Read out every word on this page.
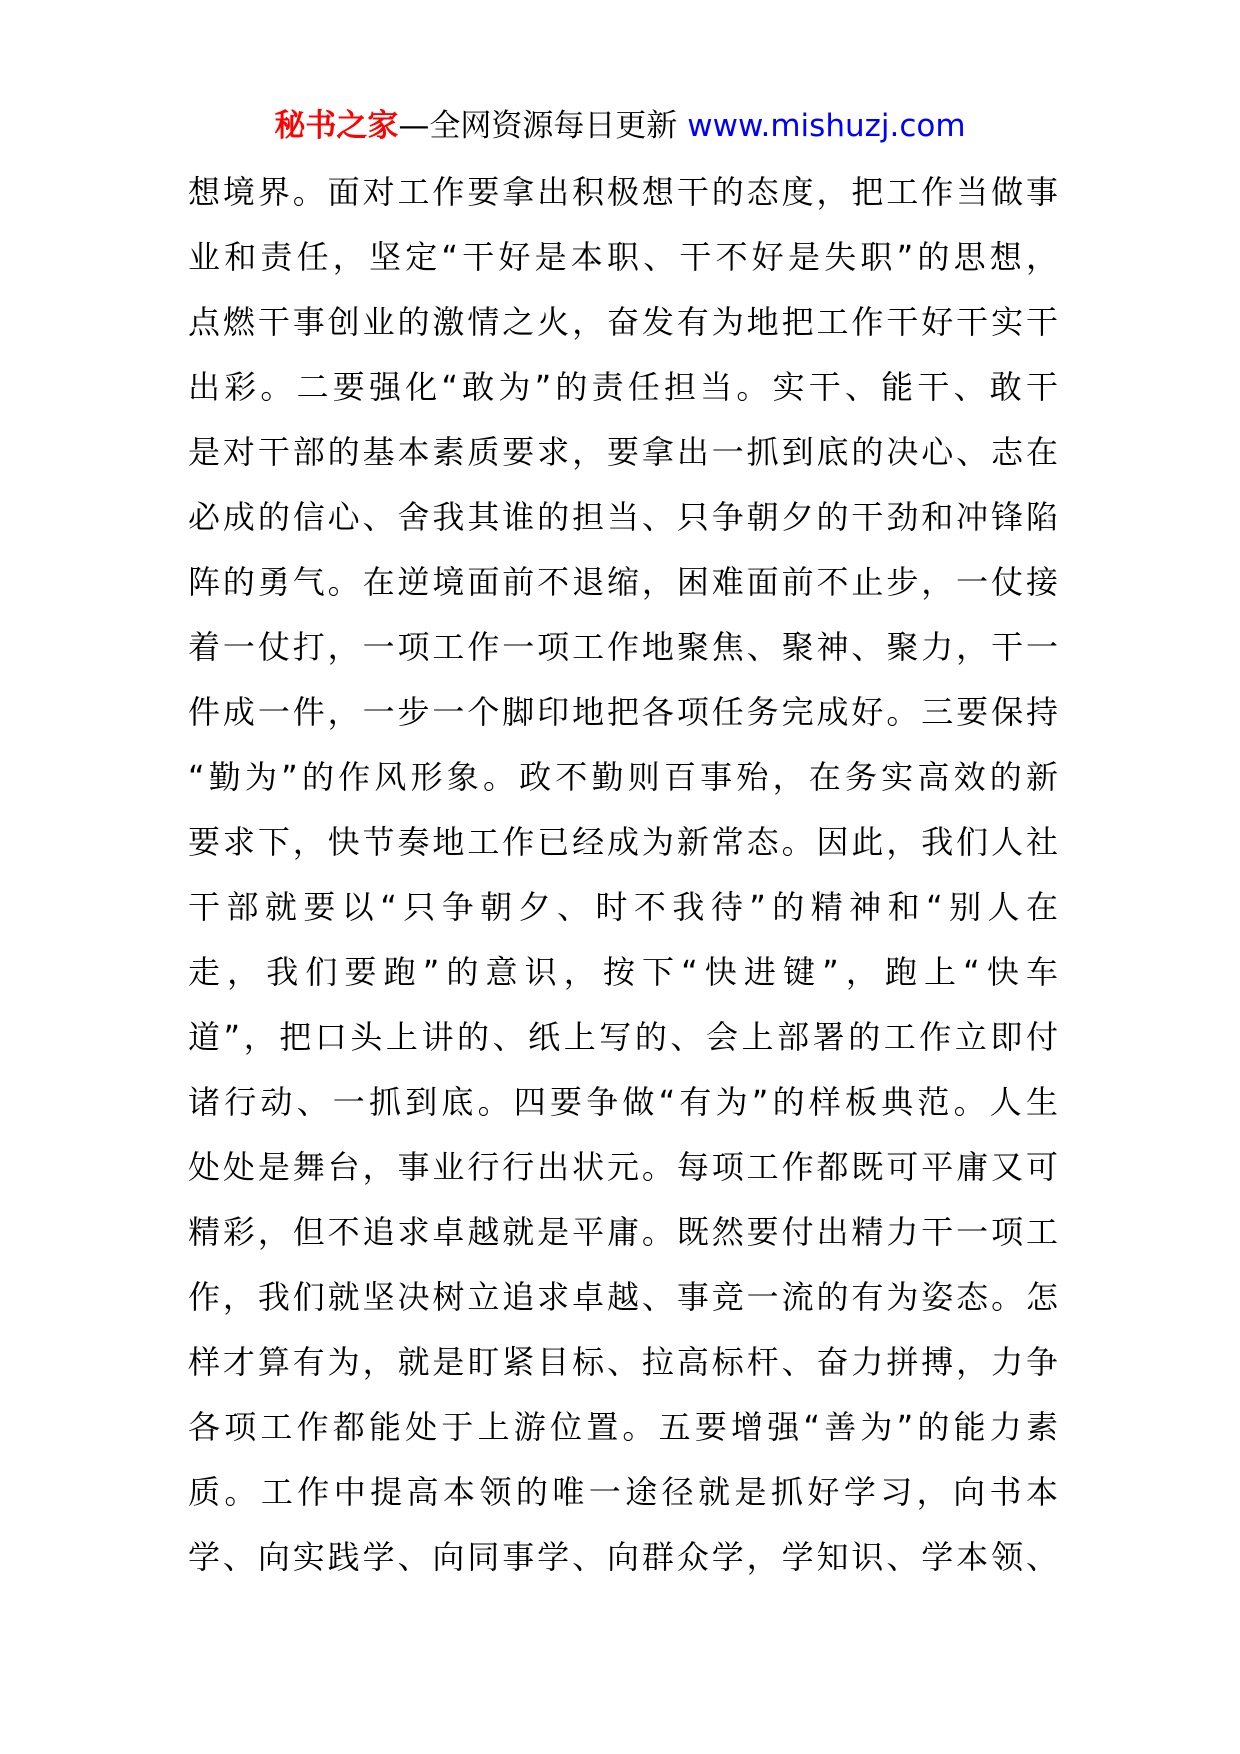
秘书之家—全网资源每日更新 www.mishuzj.com
想境界。面对工作要拿出积极想干的态度，把工作当做事
业和责任，坚定“干好是本职、干不好是失职”的思想，
点燃干事创业的激情之火，奋发有为地把工作干好干实干
出彩。二要强化“敢为”的责任担当。实干、能干、敢干
是对干部的基本素质要求，要拿出一抓到底的决心、志在
必成的信心、舍我其谁的担当、只争朝夕的干劲和冲锋陷
阵的勇气。在逆境面前不退缩，困难面前不止步，一仗接
着一仗打，一项工作一项工作地聚焦、聚神、聚力，干一
件成一件，一步一个脚印地把各项任务完成好。三要保持
“勤为”的作风形象。政不勤则百事殆，在务实高效的新
要求下，快节奏地工作已经成为新常态。因此，我们人社
干部就要以“只争朝夕、时不我待”的精神和“别人在
走，我们要跑”的意识，按下“快进键”，跑上“快车
道”，把口头上讲的、纸上写的、会上部署的工作立即付
诸行动、一抓到底。四要争做“有为”的样板典范。人生
处处是舞台，事业行行出状元。每项工作都既可平庸又可
精彩，但不追求卓越就是平庸。既然要付出精力干一项工
作，我们就坚决树立追求卓越、事竞一流的有为姿态。怎
样才算有为，就是盯紧目标、拉高标杆、奋力拼搏，力争
各项工作都能处于上游位置。五要增强“善为”的能力素
质。工作中提高本领的唯一途径就是抓好学习，向书本
学、向实践学、向同事学、向群众学，学知识、学本领、
